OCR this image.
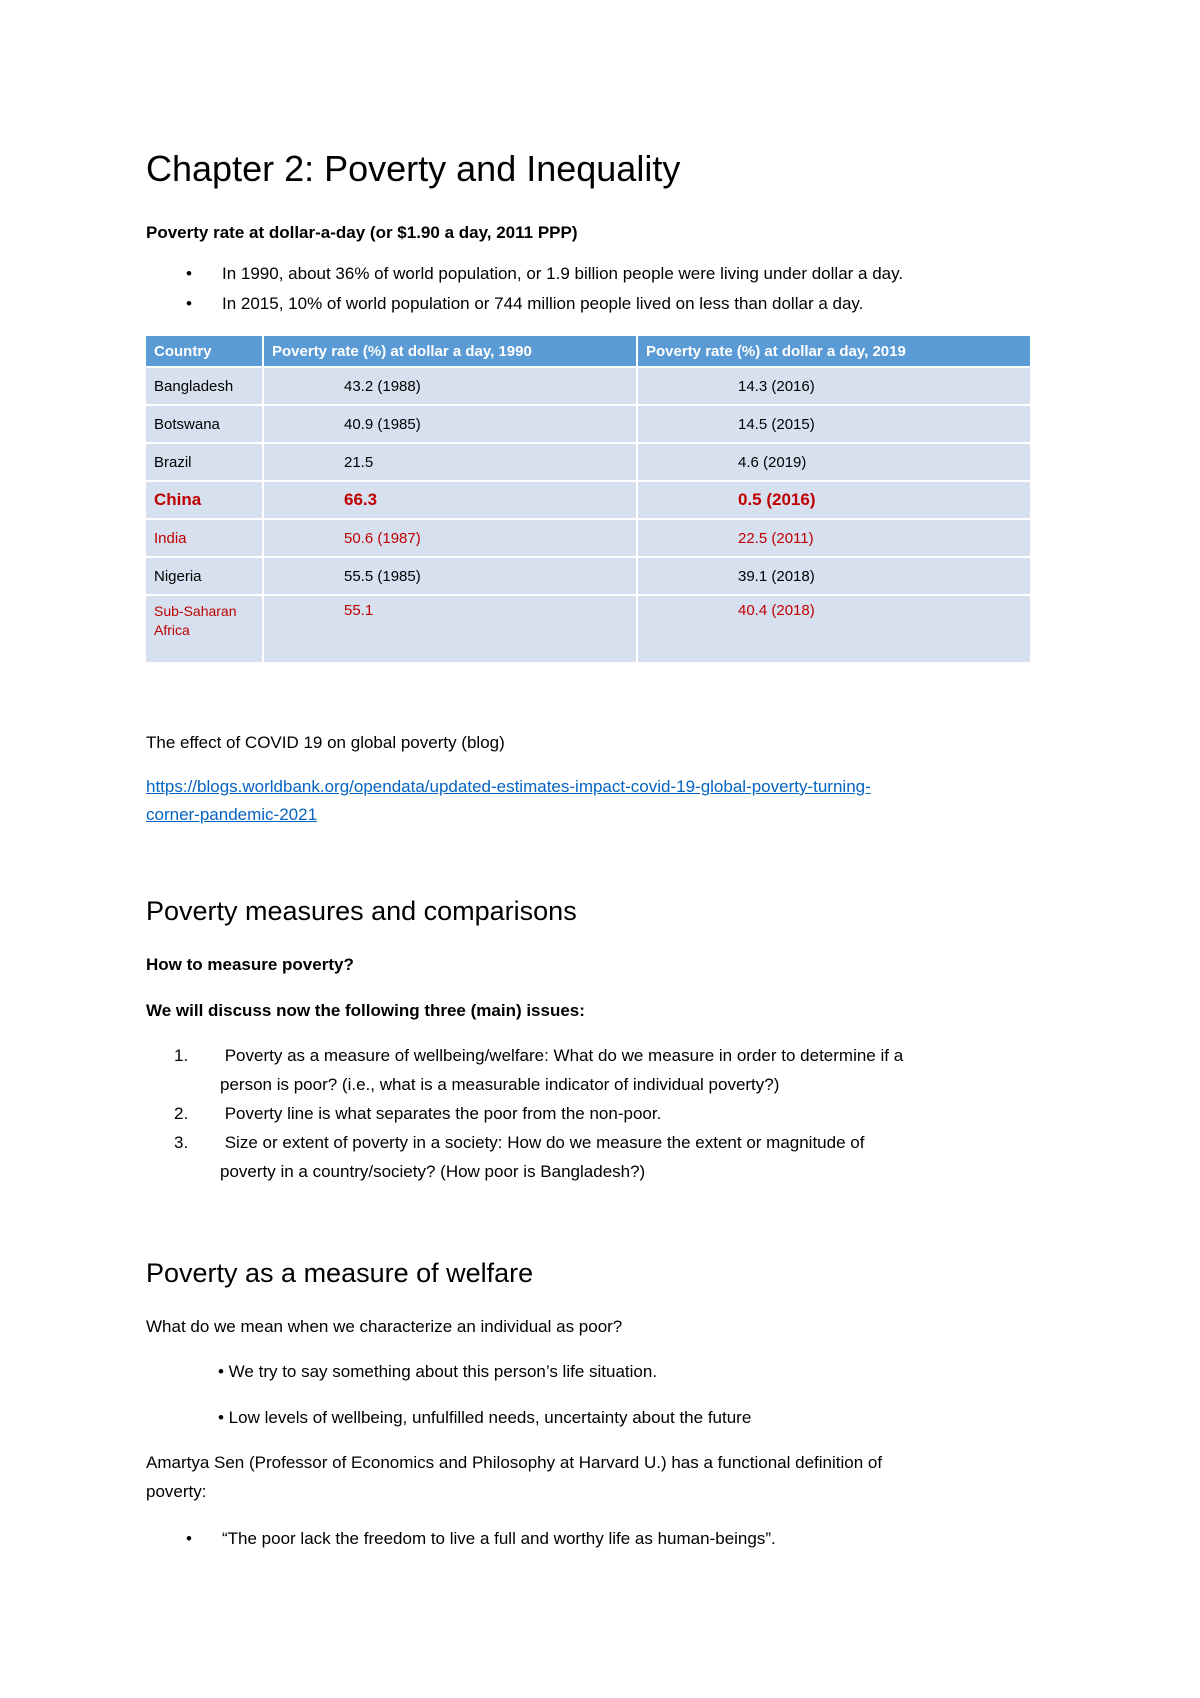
Chapter 2: Poverty and Inequality

Poverty rate at dollar-a-day (or $1.90 a day, 2011 PPP)

• In 1990, about 36% of world population, or 1.9 billion people were living under dollar a day.
• In 2015, 10% of world population or 744 million people lived on less than dollar a day.
Country	Poverty rate (%) at dollar a day, 1990	Poverty rate (%) at dollar a day, 2019
Bangladesh	43.2 (1988)	14.3 (2016)
Botswana	40.9 (1985)	14.5 (2015)
Brazil	21.5	4.6 (2019)
China	66.3	0.5 (2016)
India	50.6 (1987)	22.5 (2011)
Nigeria	55.5 (1985)	39.1 (2018)
Sub-Saharan Africa	55.1	40.4 (2018)

The effect of COVID 19 on global poverty (blog)

https://blogs.worldbank.org/opendata/updated-estimates-impact-covid-19-global-poverty-turning-
corner-pandemic-2021
Poverty measures and comparisons

How to measure poverty?

We will discuss now the following three (main) issues:

1. Poverty as a measure of wellbeing/welfare: What do we measure in order to determine if a
person is poor? (i.e., what is a measurable indicator of individual poverty?)
2. Poverty line is what separates the poor from the non-poor.
3. Size or extent of poverty in a society: How do we measure the extent or magnitude of
poverty in a country/society? (How poor is Bangladesh?)
Poverty as a measure of welfare

What do we mean when we characterize an individual as poor?

• We try to say something about this person’s life situation.
• Low levels of wellbeing, unfulfilled needs, uncertainty about the future

Amartya Sen (Professor of Economics and Philosophy at Harvard U.) has a functional definition of

poverty:

• “The poor lack the freedom to live a full and worthy life as human-beings”.
